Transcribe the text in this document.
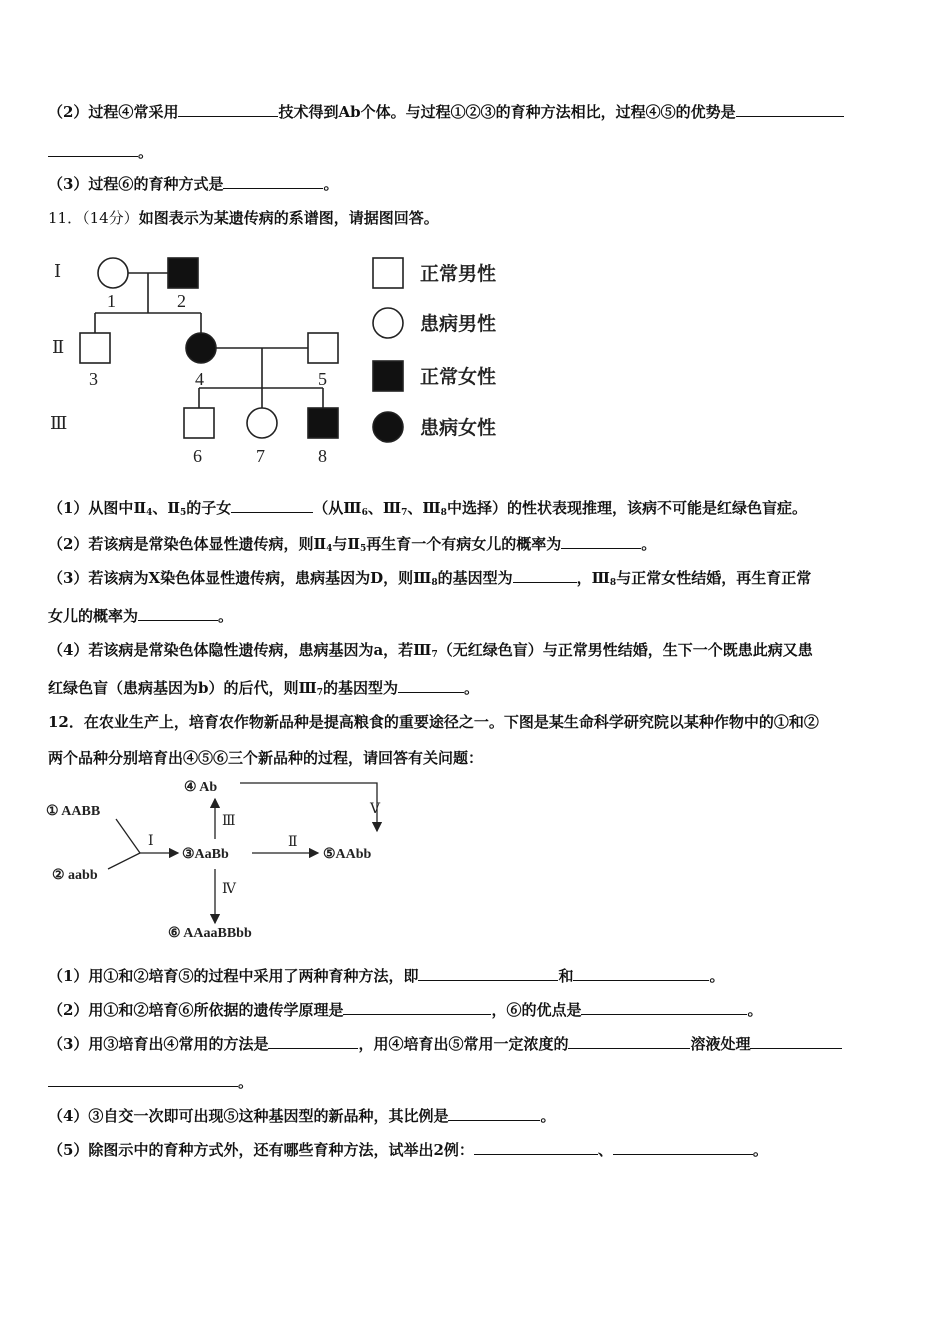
（2）过程④常采用	技术得到Ab个体。与过程①②③的育种方法相比，过程④⑤的优势是
。
（3）过程⑥的育种方式是	。
11．（14分）如图表示为某遗传病的系谱图，请据图回答。
Ⅰ
Ⅱ
Ⅲ
1	2
3	4	5
6	7	8
正常男性
患病男性
正常女性
患病女性
（1）从图中$Ⅱ_4$、$Ⅱ_5$的子女	（从$Ⅲ_6$、$Ⅲ_7$、$Ⅲ_8$中选择）的性状表现推理，该病不可能是红绿色盲症。
（2）若该病是常染色体显性遗传病，则$Ⅱ_4$与$Ⅱ_5$再生育一个有病女儿的概率为	。
（3）若该病为X染色体显性遗传病，患病基因为D，则$Ⅲ_8$的基因型为	，$Ⅲ_8$与正常女性结婚，再生育正常
女儿的概率为	。
（4）若该病是常染色体隐性遗传病，患病基因为a，若$Ⅲ_7$（无红绿色盲）与正常男性结婚，生下一个既患此病又患
红绿色盲（患病基因为b）的后代，则$Ⅲ_7$的基因型为	。
12．在农业生产上，培育农作物新品种是提高粮食的重要途径之一。下图是某生命科学研究院以某种作物中的①和②
两个品种分别培育出④⑤⑥三个新品种的过程，请回答有关问题：
① AABB
② aabb
③AaBb
④ Ab
⑤AAbb
⑥ AAaaBBbb
Ⅰ	Ⅱ
Ⅲ
Ⅳ
Ⅴ
（1）用①和②培育⑤的过程中采用了两种育种方法，即	和	。
（2）用①和②培育⑥所依据的遗传学原理是	，⑥的优点是	。
（3）用③培育出④常用的方法是	，用④培育出⑤常用一定浓度的	溶液处理
。
（4）③自交一次即可出现⑤这种基因型的新品种，其比例是	。
（5）除图示中的育种方式外，还有哪些育种方法，试举出2例：	、	。
